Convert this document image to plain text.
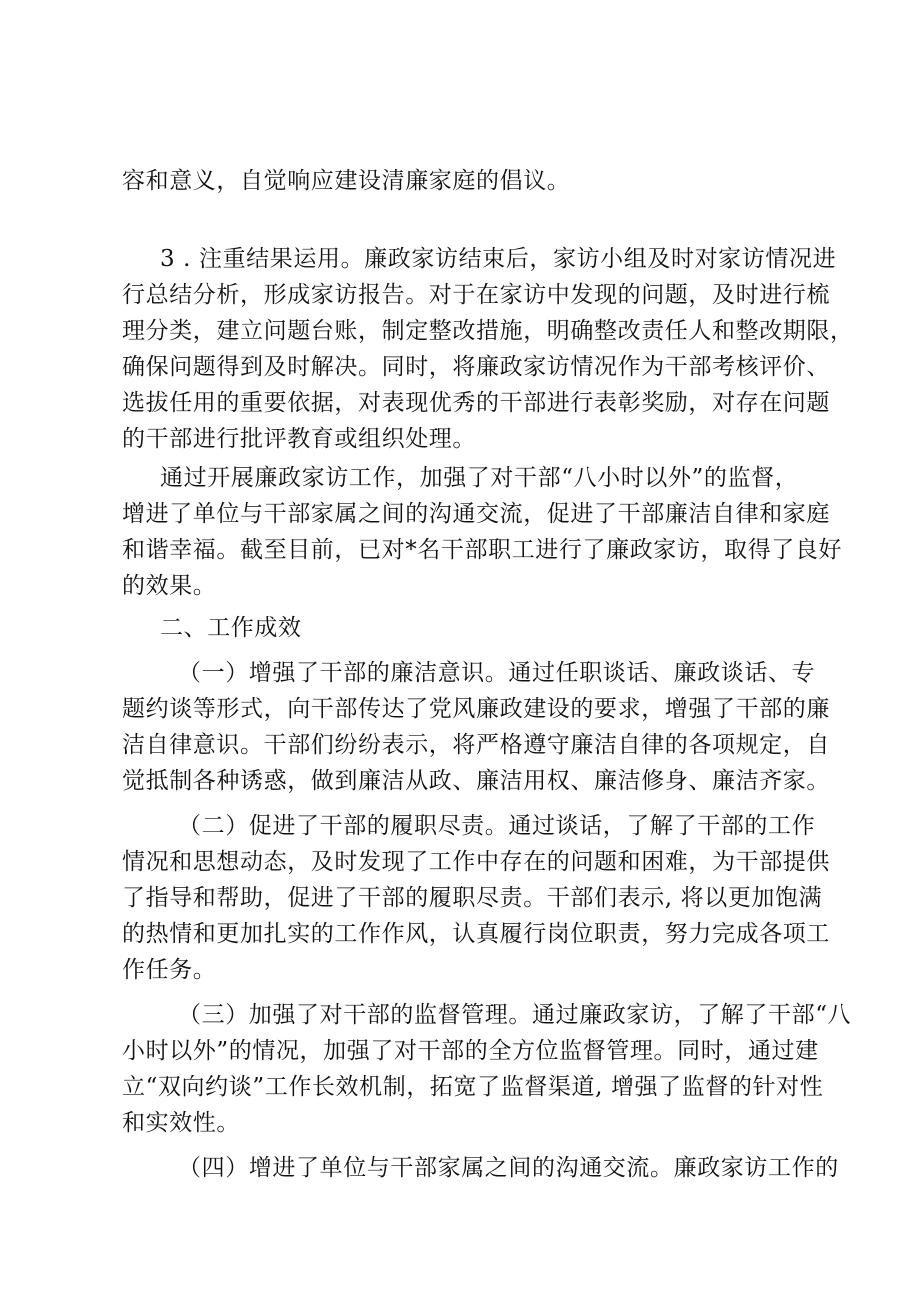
容和意义，自觉响应建设清廉家庭的倡议。
3 . 注重结果运用。廉政家访结束后，家访小组及时对家访情况进
行总结分析，形成家访报告。对于在家访中发现的问题，及时进行梳
理分类，建立问题台账，制定整改措施，明确整改责任人和整改期限，
确保问题得到及时解决。同时，将廉政家访情况作为干部考核评价、
选拔任用的重要依据，对表现优秀的干部进行表彰奖励，对存在问题
的干部进行批评教育或组织处理。
通过开展廉政家访工作，加强了对干部“八小时以外”的监督，
增进了单位与干部家属之间的沟通交流，促进了干部廉洁自律和家庭
和谐幸福。截至目前，已对*名干部职工进行了廉政家访，取得了良好
的效果。
二、工作成效
（一）增强了干部的廉洁意识。通过任职谈话、廉政谈话、专
题约谈等形式，向干部传达了党风廉政建设的要求，增强了干部的廉
洁自律意识。干部们纷纷表示，将严格遵守廉洁自律的各项规定，自
觉抵制各种诱惑，做到廉洁从政、廉洁用权、廉洁修身、廉洁齐家。
（二）促进了干部的履职尽责。通过谈话，了解了干部的工作
情况和思想动态，及时发现了工作中存在的问题和困难，为干部提供
了指导和帮助，促进了干部的履职尽责。干部们表示, 将以更加饱满
的热情和更加扎实的工作作风，认真履行岗位职责，努力完成各项工
作任务。
（三）加强了对干部的监督管理。通过廉政家访，了解了干部“八
小时以外”的情况，加强了对干部的全方位监督管理。同时，通过建
立“双向约谈”工作长效机制，拓宽了监督渠道, 增强了监督的针对性
和实效性。
（四）增进了单位与干部家属之间的沟通交流。廉政家访工作的
